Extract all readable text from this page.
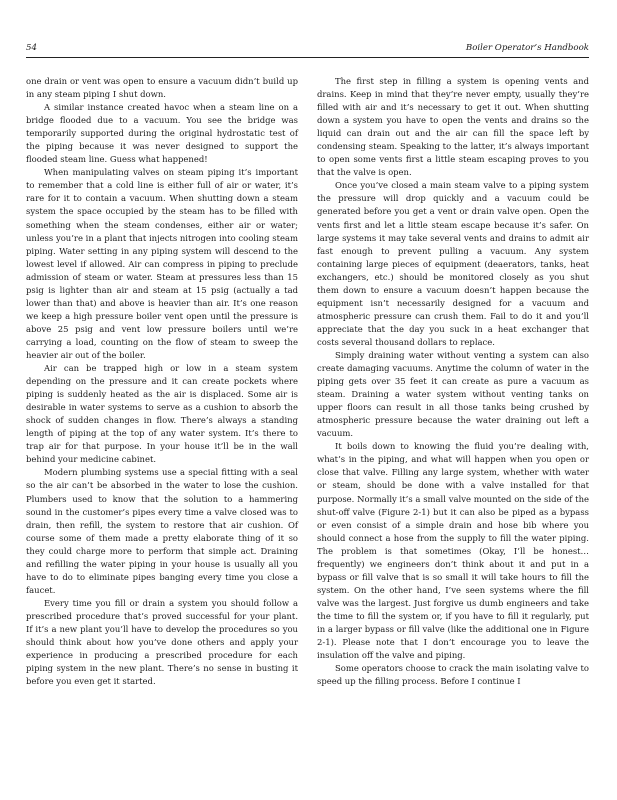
54	Boiler Operator’s Handbook

one drain or vent was open to ensure a vacuum didn’t build up in any steam piping I shut down.

A similar instance created havoc when a steam line on a bridge flooded due to a vacuum. You see the bridge was temporarily supported during the original hydrostatic test of the piping because it was never designed to support the flooded steam line. Guess what happened!

When manipulating valves on steam piping it’s important to remember that a cold line is either full of air or water, it’s rare for it to contain a vacuum. When shutting down a steam system the space occupied by the steam has to be filled with something when the steam condenses, either air or water; unless you’re in a plant that injects nitrogen into cooling steam piping. Water setting in any piping system will descend to the lowest level if allowed. Air can compress in piping to preclude admission of steam or water. Steam at pressures less than 15 psig is lighter than air and steam at 15 psig (actually a tad lower than that) and above is heavier than air. It’s one reason we keep a high pressure boiler vent open until the pressure is above 25 psig and vent low pressure boilers until we’re carrying a load, counting on the flow of steam to sweep the heavier air out of the boiler.

Air can be trapped high or low in a steam system depending on the pressure and it can create pockets where piping is suddenly heated as the air is displaced. Some air is desirable in water systems to serve as a cushion to absorb the shock of sudden changes in flow. There’s always a standing length of piping at the top of any water system. It’s there to trap air for that purpose. In your house it’ll be in the wall behind your medicine cabinet.

Modern plumbing systems use a special fitting with a seal so the air can’t be absorbed in the water to lose the cushion. Plumbers used to know that the solution to a hammering sound in the customer’s pipes every time a valve closed was to drain, then refill, the system to restore that air cushion. Of course some of them made a pretty elaborate thing of it so they could charge more to perform that simple act. Draining and refilling the water piping in your house is usually all you have to do to eliminate pipes banging every time you close a faucet.

Every time you fill or drain a system you should follow a prescribed procedure that’s proved successful for your plant. If it’s a new plant you’ll have to develop the procedures so you should think about how you’ve done others and apply your experience in producing a prescribed procedure for each piping system in the new plant. There’s no sense in busting it before you even get it started.

The first step in filling a system is opening vents and drains. Keep in mind that they’re never empty, usually they’re filled with air and it’s necessary to get it out. When shutting down a system you have to open the vents and drains so the liquid can drain out and the air can fill the space left by condensing steam. Speaking to the latter, it’s always important to open some vents first a little steam escaping proves to you that the valve is open.

Once you’ve closed a main steam valve to a piping system the pressure will drop quickly and a vacuum could be generated before you get a vent or drain valve open. Open the vents first and let a little steam escape because it’s safer. On large systems it may take several vents and drains to admit air fast enough to prevent pulling a vacuum. Any system containing large pieces of equipment (deaerators, tanks, heat exchangers, etc.) should be monitored closely as you shut them down to ensure a vacuum doesn’t happen because the equipment isn’t necessarily designed for a vacuum and atmospheric pressure can crush them. Fail to do it and you’ll appreciate that the day you suck in a heat exchanger that costs several thousand dollars to replace.

Simply draining water without venting a system can also create damaging vacuums. Anytime the column of water in the piping gets over 35 feet it can create as pure a vacuum as steam. Draining a water system without venting tanks on upper floors can result in all those tanks being crushed by atmospheric pressure because the water draining out left a vacuum.

It boils down to knowing the fluid you’re dealing with, what’s in the piping, and what will happen when you open or close that valve. Filling any large system, whether with water or steam, should be done with a valve installed for that purpose. Normally it’s a small valve mounted on the side of the shut-off valve (Figure 2-1) but it can also be piped as a bypass or even consist of a simple drain and hose bib where you should connect a hose from the supply to fill the water piping. The problem is that sometimes (Okay, I’ll be honest… frequently) we engineers don’t think about it and put in a bypass or fill valve that is so small it will take hours to fill the system. On the other hand, I’ve seen systems where the fill valve was the largest. Just forgive us dumb engineers and take the time to fill the system or, if you have to fill it regularly, put in a larger bypass or fill valve (like the additional one in Figure 2-1). Please note that I don’t encourage you to leave the insulation off the valve and piping.

Some operators choose to crack the main isolating valve to speed up the filling process. Before I continue I
